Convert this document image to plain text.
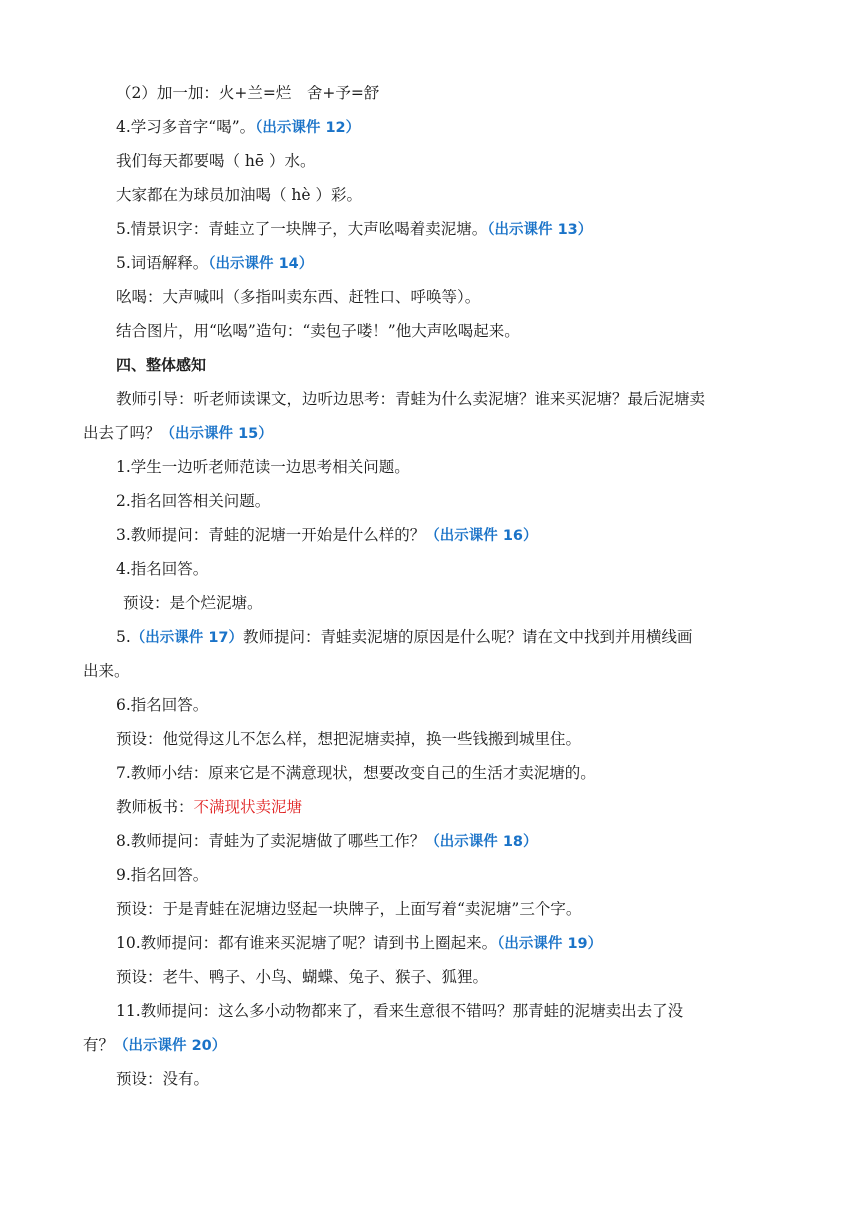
（2）加一加：火+兰=烂　舍+予=舒
4.学习多音字“喝”。（出示课件 12）
我们每天都要喝（ hē ）水。
大家都在为球员加油喝（ hè ）彩。
5.情景识字：青蛙立了一块牌子，大声吆喝着卖泥塘。（出示课件 13）
5.词语解释。（出示课件 14）
吆喝：大声喊叫（多指叫卖东西、赶牲口、呼唤等）。
结合图片，用“吆喝”造句：“卖包子喽！”他大声吆喝起来。
四、整体感知
教师引导：听老师读课文，边听边思考：青蛙为什么卖泥塘？谁来买泥塘？最后泥塘卖
出去了吗？（出示课件 15）
1.学生一边听老师范读一边思考相关问题。
2.指名回答相关问题。
3.教师提问：青蛙的泥塘一开始是什么样的？（出示课件 16）
4.指名回答。
预设：是个烂泥塘。
5.（出示课件 17）教师提问：青蛙卖泥塘的原因是什么呢？请在文中找到并用横线画
出来。
6.指名回答。
预设：他觉得这儿不怎么样，想把泥塘卖掉，换一些钱搬到城里住。
7.教师小结：原来它是不满意现状，想要改变自己的生活才卖泥塘的。
教师板书：不满现状卖泥塘
8.教师提问：青蛙为了卖泥塘做了哪些工作？（出示课件 18）
9.指名回答。
预设：于是青蛙在泥塘边竖起一块牌子，上面写着“卖泥塘”三个字。
10.教师提问：都有谁来买泥塘了呢？请到书上圈起来。（出示课件 19）
预设：老牛、鸭子、小鸟、蝴蝶、兔子、猴子、狐狸。
11.教师提问：这么多小动物都来了，看来生意很不错吗？那青蛙的泥塘卖出去了没
有？（出示课件 20）
预设：没有。
